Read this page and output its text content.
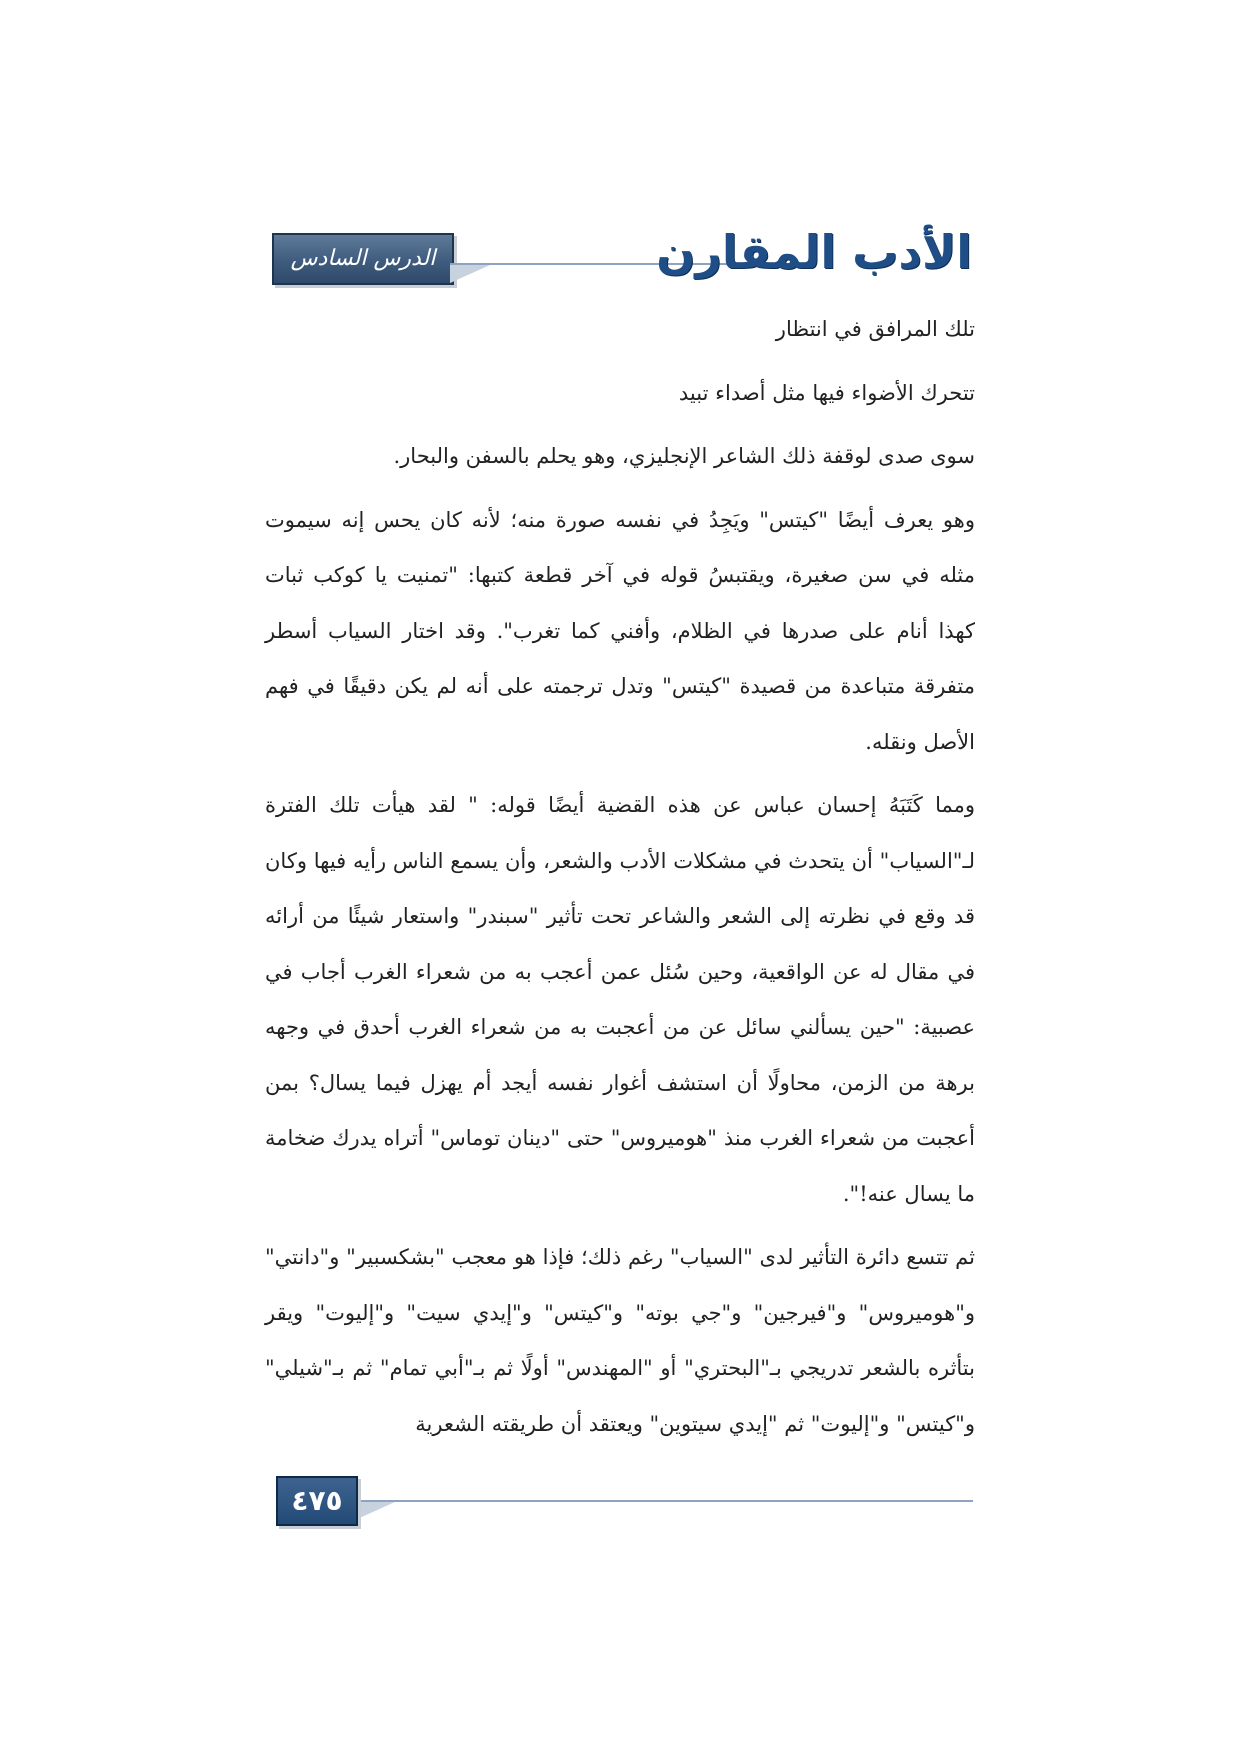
الدرس السادس عشر
الأدب المقارن

تلك المرافق في انتظار

تتحرك الأضواء فيها مثل أصداء تبيد

سوى صدى لوقفة ذلك الشاعر الإنجليزي، وهو يحلم بالسفن والبحار.

وهو يعرف أيضًا "كيتس" ويَجِدُ في نفسه صورة منه؛ لأنه كان يحس إنه سيموت مثله في سن صغيرة، ويقتبسُ قوله في آخر قطعة كتبها: "تمنيت يا كوكب ثبات كهذا أنام على صدرها في الظلام، وأفني كما تغرب". وقد اختار السياب أسطر متفرقة متباعدة من قصيدة "كيتس" وتدل ترجمته على أنه لم يكن دقيقًا في فهم الأصل ونقله.

ومما كَتَبَهُ إحسان عباس عن هذه القضية أيضًا قوله: " لقد هيأت تلك الفترة لـ"السياب" أن يتحدث في مشكلات الأدب والشعر، وأن يسمع الناس رأيه فيها وكان قد وقع في نظرته إلى الشعر والشاعر تحت تأثير "سبندر" واستعار شيئًا من أرائه في مقال له عن الواقعية، وحين سُئل عمن أعجب به من شعراء الغرب أجاب في عصبية: "حين يسألني سائل عن من أعجبت به من شعراء الغرب أحدق في وجهه برهة من الزمن، محاولًا أن استشف أغوار نفسه أيجد أم يهزل فيما يسال؟ بمن أعجبت من شعراء الغرب منذ "هوميروس" حتى "دينان توماس" أتراه يدرك ضخامة ما يسال عنه!".

ثم تتسع دائرة التأثير لدى "السياب" رغم ذلك؛ فإذا هو معجب "بشكسبير" و"دانتي" و"هوميروس" و"فيرجين" و"جي بوته" و"كيتس" و"إيدي سيت" و"إليوت" ويقر بتأثره بالشعر تدريجي بـ"البحتري" أو "المهندس" أولًا ثم بـ"أبي تمام" ثم بـ"شيلي" و"كيتس" و"إليوت" ثم "إيدي سيتوين" ويعتقد أن طريقته الشعرية

٤٧٥
